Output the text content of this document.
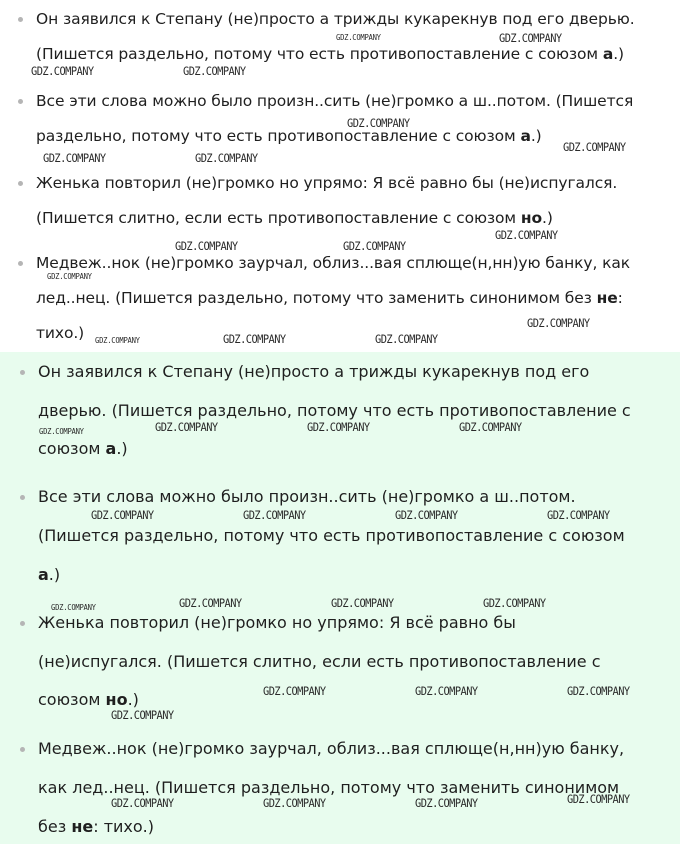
Он заявился к Степану (не)просто а трижды кукарекнув под его дверью.
(Пишется раздельно, потому что есть противопоставление с союзом а.)
Все эти слова можно было произн..сить (не)громко а ш..потом. (Пишется
раздельно, потому что есть противопоставление с союзом а.)
Женька повторил (не)громко но упрямо: Я всё равно бы (не)испугался.
(Пишется слитно, если есть противопоставление с союзом но.)
Медвеж..нок (не)громко заурчал, облиз...вая сплюще(н,нн)ую банку, как
лед..нец. (Пишется раздельно, потому что заменить синонимом без не:
тихо.)
Он заявился к Степану (не)просто а трижды кукарекнув под его
дверью. (Пишется раздельно, потому что есть противопоставление с
союзом а.)
Все эти слова можно было произн..сить (не)громко а ш..потом.
(Пишется раздельно, потому что есть противопоставление с союзом
а.)
Женька повторил (не)громко но упрямо: Я всё равно бы
(не)испугался. (Пишется слитно, если есть противопоставление с
союзом но.)
Медвеж..нок (не)громко заурчал, облиз...вая сплюще(н,нн)ую банку,
как лед..нец. (Пишется раздельно, потому что заменить синонимом
без не: тихо.)
GDZ.COMPANY	GDZ.COMPANY
GDZ.COMPANY	GDZ.COMPANY
GDZ.COMPANY
GDZ.COMPANY
GDZ.COMPANY	GDZ.COMPANY
GDZ.COMPANY
GDZ.COMPANY	GDZ.COMPANY
GDZ.COMPANY
GDZ.COMPANY
GDZ.COMPANY	GDZ.COMPANY	GDZ.COMPANY
GDZ.COMPANY	GDZ.COMPANY	GDZ.COMPANY	GDZ.COMPANY
GDZ.COMPANY	GDZ.COMPANY	GDZ.COMPANY	GDZ.COMPANY
GDZ.COMPANY	GDZ.COMPANY	GDZ.COMPANY	GDZ.COMPANY
GDZ.COMPANY	GDZ.COMPANY	GDZ.COMPANY
GDZ.COMPANY
GDZ.COMPANY
GDZ.COMPANY	GDZ.COMPANY	GDZ.COMPANY
